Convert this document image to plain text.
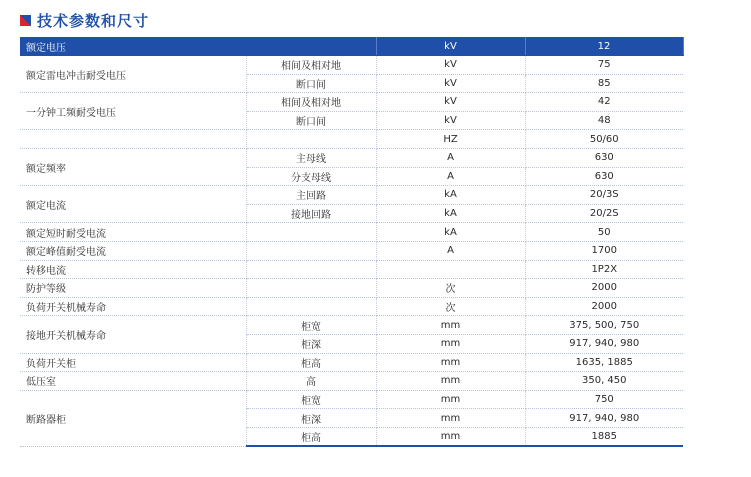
技术参数和尺寸
额定电压		kV	12
额定雷电冲击耐受电压	相间及相对地	kV	75
	断口间	kV	85
一分钟工频耐受电压	相间及相对地	kV	42
	断口间	kV	48
		HZ	50/60
额定频率	主母线	A	630
	分支母线	A	630
额定电流	主回路	kA	20/3S
	接地回路	kA	20/2S
额定短时耐受电流		kA	50
额定峰值耐受电流		A	1700
转移电流			1P2X
防护等级		次	2000
负荷开关机械寿命		次	2000
接地开关机械寿命	柜宽	mm	375, 500, 750
	柜深	mm	917, 940, 980
负荷开关柜	柜高	mm	1635, 1885
低压室	高	mm	350, 450
断路器柜	柜宽	mm	750
	柜深	mm	917, 940, 980
	柜高	mm	1885
